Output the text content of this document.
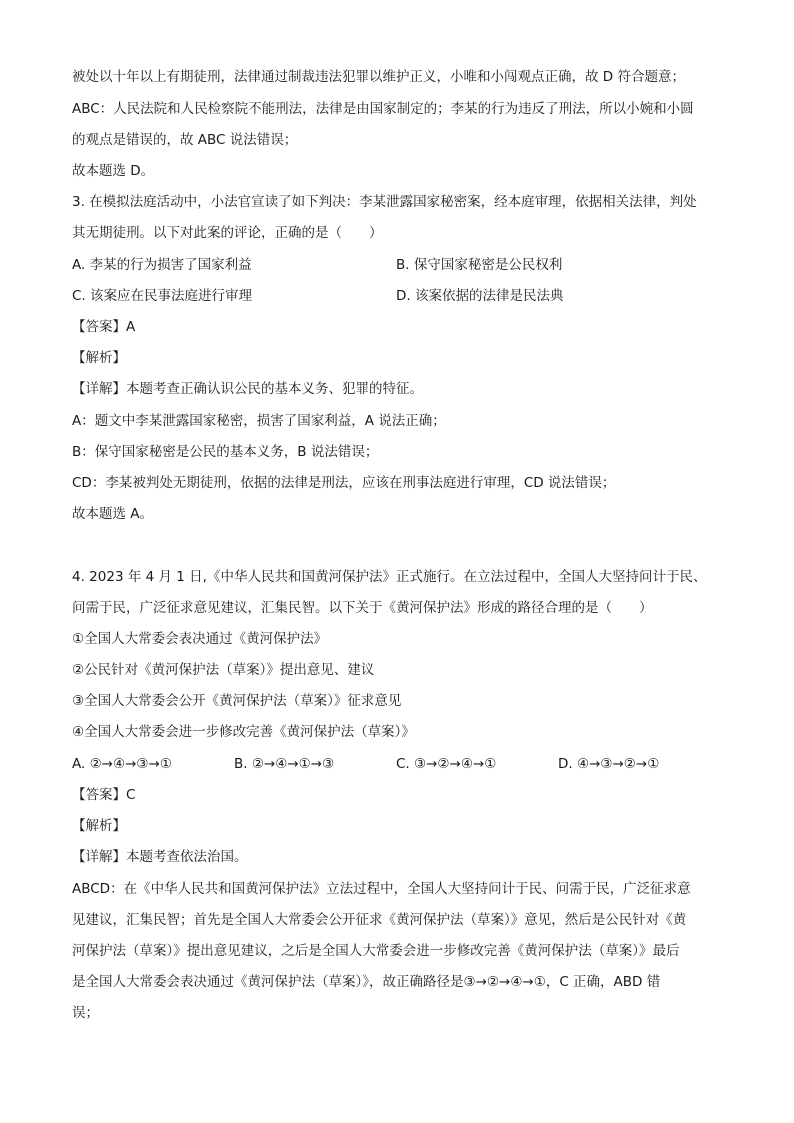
被处以十年以上有期徒刑，法律通过制裁违法犯罪以维护正义，小唯和小闯观点正确，故 D 符合题意；
ABC：人民法院和人民检察院不能刑法，法律是由国家制定的；李某的行为违反了刑法，所以小婉和小圆
的观点是错误的，故 ABC 说法错误；
故本题选 D。
3. 在模拟法庭活动中，小法官宣读了如下判决：李某泄露国家秘密案，经本庭审理，依据相关法律，判处
其无期徒刑。以下对此案的评论，正确的是（　　）
A. 李某的行为损害了国家利益	B. 保守国家秘密是公民权利
C. 该案应在民事法庭进行审理	D. 该案依据的法律是民法典
【答案】A
【解析】
【详解】本题考查正确认识公民的基本义务、犯罪的特征。
A：题文中李某泄露国家秘密，损害了国家利益，A 说法正确；
B：保守国家秘密是公民的基本义务，B 说法错误；
CD：李某被判处无期徒刑，依据的法律是刑法，应该在刑事法庭进行审理，CD 说法错误；
故本题选 A。
4. 2023 年 4 月 1 日,《中华人民共和国黄河保护法》正式施行。在立法过程中，全国人大坚持问计于民、
问需于民，广泛征求意见建议，汇集民智。以下关于《黄河保护法》形成的路径合理的是（　　）
①全国人大常委会表决通过《黄河保护法》
②公民针对《黄河保护法（草案）》提出意见、建议
③全国人大常委会公开《黄河保护法（草案）》征求意见
④全国人大常委会进一步修改完善《黄河保护法（草案）》
A. ②→④→③→①	B. ②→④→①→③	C. ③→②→④→①	D. ④→③→②→①
【答案】C
【解析】
【详解】本题考查依法治国。
ABCD：在《中华人民共和国黄河保护法》立法过程中，全国人大坚持问计于民、问需于民，广泛征求意
见建议，汇集民智；首先是全国人大常委会公开征求《黄河保护法（草案）》意见，然后是公民针对《黄
河保护法（草案）》提出意见建议，之后是全国人大常委会进一步修改完善《黄河保护法（草案）》最后
是全国人大常委会表决通过《黄河保护法（草案）》，故正确路径是③→②→④→①，C 正确，ABD 错
误；
